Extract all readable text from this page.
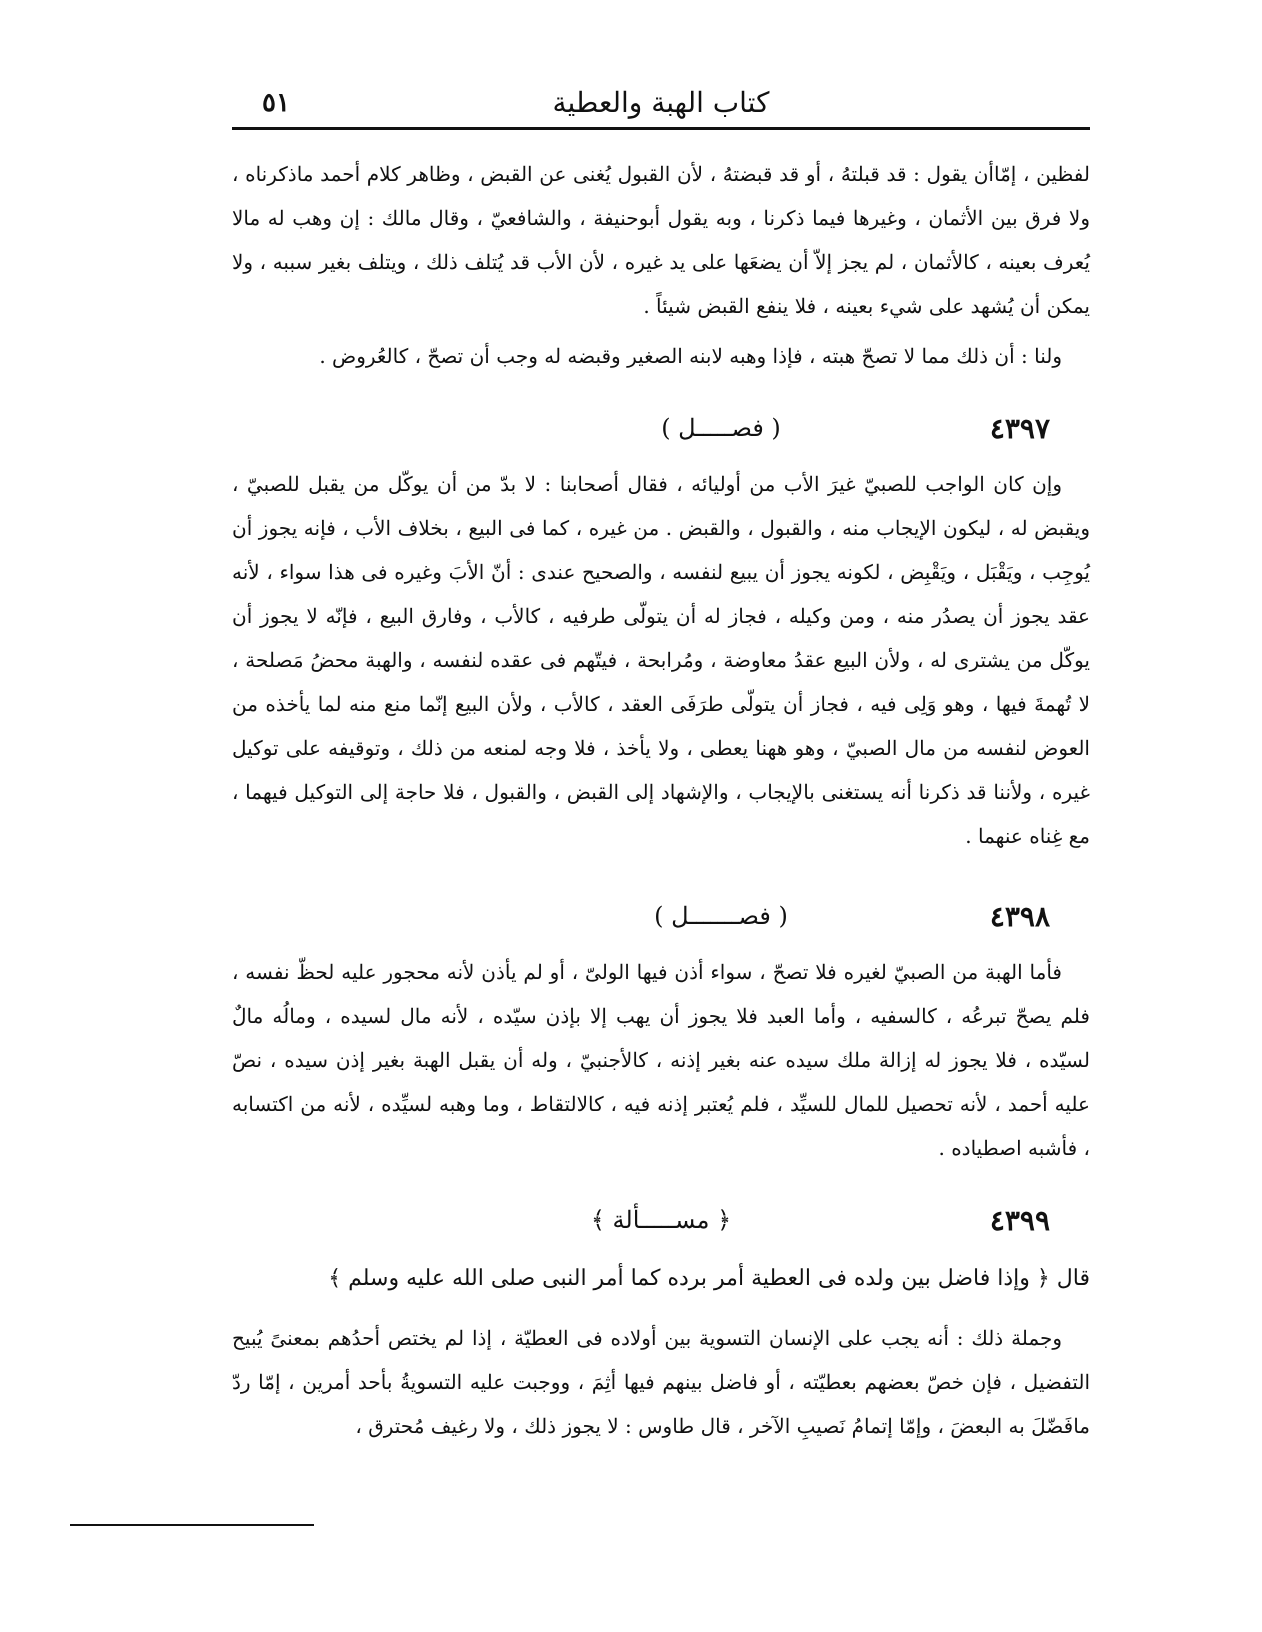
كتاب الهبة والعطية
٥١

لفظين ، إمّاأن يقول : قد قبلتهُ ، أو قد قبضتهُ ، لأن القبول يُغنى عن القبض ، وظاهر كلام أحمد ماذكرناه ، ولا فرق بين الأثمان ، وغيرها فيما ذكرنا ، وبه يقول أبوحنيفة ، والشافعيّ ، وقال مالك : إن وهب له مالا يُعرف بعينه ، كالأثمان ، لم يجز إلاّ أن يضعَها على يد غيره ، لأن الأب قد يُتلف ذلك ، ويتلف بغير سببه ، ولا يمكن أن يُشهد على شيء بعينه ، فلا ينفع القبض شيئاً .

ولنا : أن ذلك مما لا تصحّ هبته ، فإذا وهبه لابنه الصغير وقبضه له وجب أن تصحّ ، كالعُروض .

٤٣٩٧
( فصـــــل )

وإن كان الواجب للصبيّ غيرَ الأب من أوليائه ، فقال أصحابنا : لا بدّ من أن يوكّل من يقبل للصبيّ ، ويقبض له ، ليكون الإيجاب منه ، والقبول ، والقبض . من غيره ، كما فى البيع ، بخلاف الأب ، فإنه يجوز أن يُوجِب ، ويَقْبَل ، ويَقْبِض ، لكونه يجوز أن يبيع لنفسه ، والصحيح عندى : أنّ الأبَ وغيره فى هذا سواء ، لأنه عقد يجوز أن يصدُر منه ، ومن وكيله ، فجاز له أن يتولّى طرفيه ، كالأب ، وفارق البيع ، فإنّه لا يجوز أن يوكّل من يشترى له ، ولأن البيع عقدُ معاوضة ، ومُرابحة ، فيتّهم فى عقده لنفسه ، والهبة محضُ مَصلحة ، لا تُهمةَ فيها ، وهو وَلِى فيه ، فجاز أن يتولّى طرَفَى العقد ، كالأب ، ولأن البيع إنّما منع منه لما يأخذه من العوض لنفسه من مال الصبيّ ، وهو ههنا يعطى ، ولا يأخذ ، فلا وجه لمنعه من ذلك ، وتوقيفه على توكيل غيره ، ولأننا قد ذكرنا أنه يستغنى بالإيجاب ، والإشهاد إلى القبض ، والقبول ، فلا حاجة إلى التوكيل فيهما ، مع غِناه عنهما .

٤٣٩٨
( فصـــــــل )

فأما الهبة من الصبيّ لغيره فلا تصحّ ، سواء أذن فيها الولىّ ، أو لم يأذن لأنه محجور عليه لحظّ نفسه ، فلم يصحّ تبرعُه ، كالسفيه ، وأما العبد فلا يجوز أن يهب إلا بإذن سيّده ، لأنه مال لسيده ، ومالُه مالٌ لسيّده ، فلا يجوز له إزالة ملك سيده عنه بغير إذنه ، كالأجنبيّ ، وله أن يقبل الهبة بغير إذن سيده ، نصّ عليه أحمد ، لأنه تحصيل للمال للسيِّد ، فلم يُعتبر إذنه فيه ، كالالتقاط ، وما وهبه لسيِّده ، لأنه من اكتسابه ، فأشبه اصطياده .

٤٣٩٩
﴿ مســـــألة ﴾
قال ﴿ وإذا فاضل بين ولده فى العطية أمر برده كما أمر النبى صلى الله عليه وسلم ﴾

وجملة ذلك : أنه يجب على الإنسان التسوية بين أولاده فى العطيّة ، إذا لم يختص أحدُهم بمعنىً يُبيح التفضيل ، فإن خصّ بعضهم بعطيّته ، أو فاضل بينهم فيها أثِمَ ، ووجبت عليه التسويةُ بأحد أمرين ، إمّا ردّ مافَضّلَ به البعضَ ، وإمّا إتمامُ نَصيبِ الآخر ، قال طاوس : لا يجوز ذلك ، ولا رغيف مُحترق ،
